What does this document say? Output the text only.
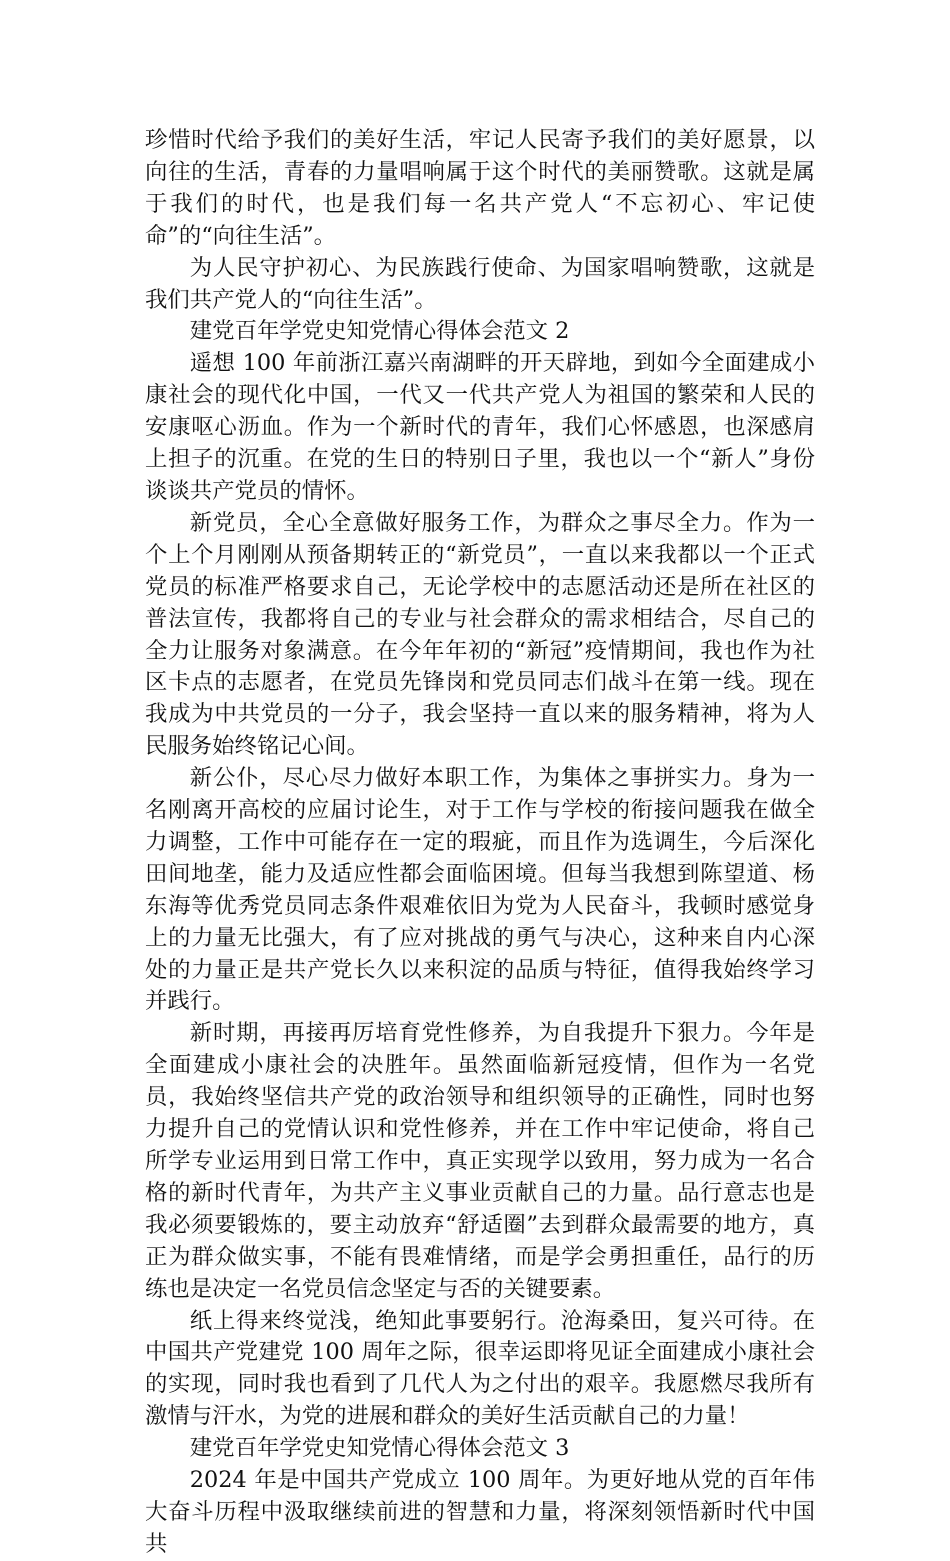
珍惜时代给予我们的美好生活，牢记人民寄予我们的美好愿景，以向往的生活，青春的力量唱响属于这个时代的美丽赞歌。这就是属于我们的时代，也是我们每一名共产党人“不忘初心、牢记使命”的“向往生活”。

为人民守护初心、为民族践行使命、为国家唱响赞歌，这就是我们共产党人的“向往生活”。

建党百年学党史知党情心得体会范文 2

遥想 100 年前浙江嘉兴南湖畔的开天辟地，到如今全面建成小康社会的现代化中国，一代又一代共产党人为祖国的繁荣和人民的安康呕心沥血。作为一个新时代的青年，我们心怀感恩，也深感肩上担子的沉重。在党的生日的特别日子里，我也以一个“新人”身份谈谈共产党员的情怀。

新党员，全心全意做好服务工作，为群众之事尽全力。作为一个上个月刚刚从预备期转正的“新党员”，一直以来我都以一个正式党员的标准严格要求自己，无论学校中的志愿活动还是所在社区的普法宣传，我都将自己的专业与社会群众的需求相结合，尽自己的全力让服务对象满意。在今年年初的“新冠”疫情期间，我也作为社区卡点的志愿者，在党员先锋岗和党员同志们战斗在第一线。现在我成为中共党员的一分子，我会坚持一直以来的服务精神，将为人民服务始终铭记心间。

新公仆，尽心尽力做好本职工作，为集体之事拼实力。身为一名刚离开高校的应届讨论生，对于工作与学校的衔接问题我在做全力调整，工作中可能存在一定的瑕疵，而且作为选调生，今后深化田间地垄，能力及适应性都会面临困境。但每当我想到陈望道、杨东海等优秀党员同志条件艰难依旧为党为人民奋斗，我顿时感觉身上的力量无比强大，有了应对挑战的勇气与决心，这种来自内心深处的力量正是共产党长久以来积淀的品质与特征，值得我始终学习并践行。

新时期，再接再厉培育党性修养，为自我提升下狠力。今年是全面建成小康社会的决胜年。虽然面临新冠疫情，但作为一名党员，我始终坚信共产党的政治领导和组织领导的正确性，同时也努力提升自己的党情认识和党性修养，并在工作中牢记使命，将自己所学专业运用到日常工作中，真正实现学以致用，努力成为一名合格的新时代青年，为共产主义事业贡献自己的力量。品行意志也是我必须要锻炼的，要主动放弃“舒适圈”去到群众最需要的地方，真正为群众做实事，不能有畏难情绪，而是学会勇担重任，品行的历练也是决定一名党员信念坚定与否的关键要素。

纸上得来终觉浅，绝知此事要躬行。沧海桑田，复兴可待。在中国共产党建党 100 周年之际，很幸运即将见证全面建成小康社会的实现，同时我也看到了几代人为之付出的艰辛。我愿燃尽我所有激情与汗水，为党的进展和群众的美好生活贡献自己的力量！

建党百年学党史知党情心得体会范文 3

2024 年是中国共产党成立 100 周年。为更好地从党的百年伟大奋斗历程中汲取继续前进的智慧和力量，将深刻领悟新时代中国共
